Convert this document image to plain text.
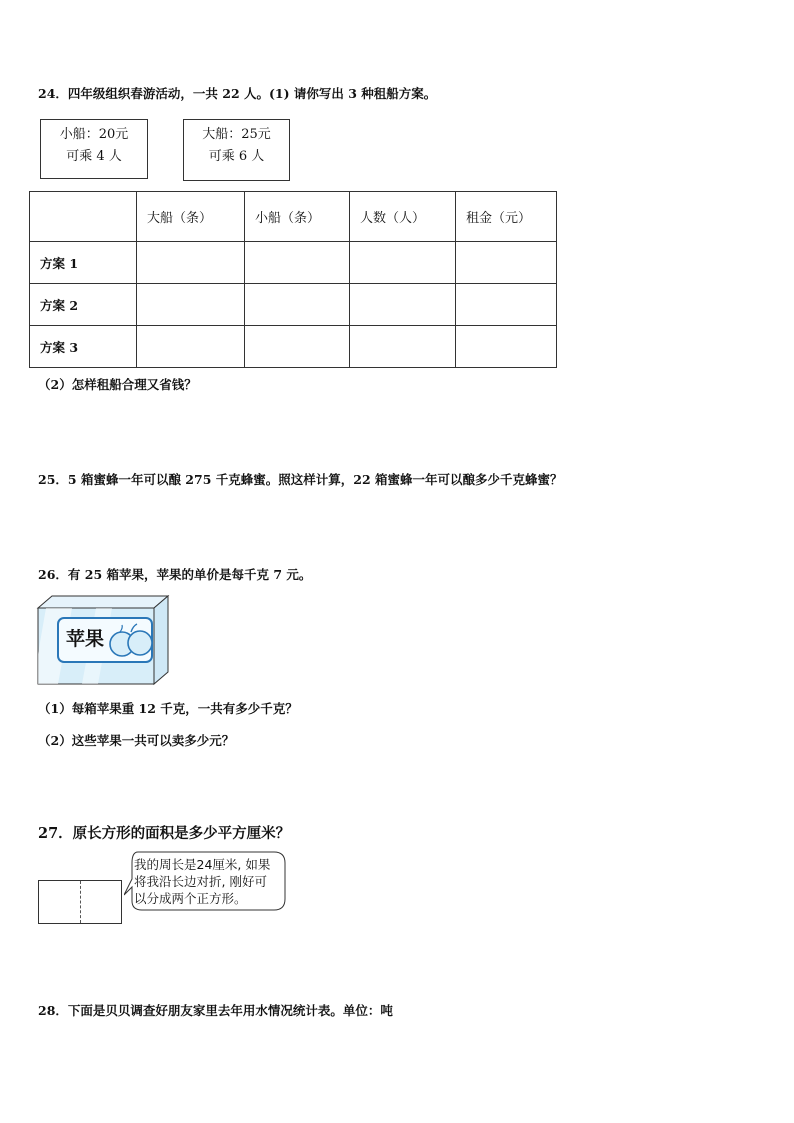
24．四年级组织春游活动，一共 22 人。(1) 请你写出 3 种租船方案。
小船：20元
可乘 4 人
大船：25元
可乘 6 人
	大船（条）	小船（条）	人数（人）	租金（元）
方案 1				
方案 2				
方案 3				
（2）怎样租船合理又省钱？
25．5 箱蜜蜂一年可以酿 275 千克蜂蜜。照这样计算，22 箱蜜蜂一年可以酿多少千克蜂蜜？
26．有 25 箱苹果，苹果的单价是每千克 7 元。
苹果
（1）每箱苹果重 12 千克，一共有多少千克？
（2）这些苹果一共可以卖多少元？
27．原长方形的面积是多少平方厘米？
我的周长是24厘米, 如果
将我沿长边对折, 刚好可
以分成两个正方形。
28．下面是贝贝调查好朋友家里去年用水情况统计表。单位：吨
